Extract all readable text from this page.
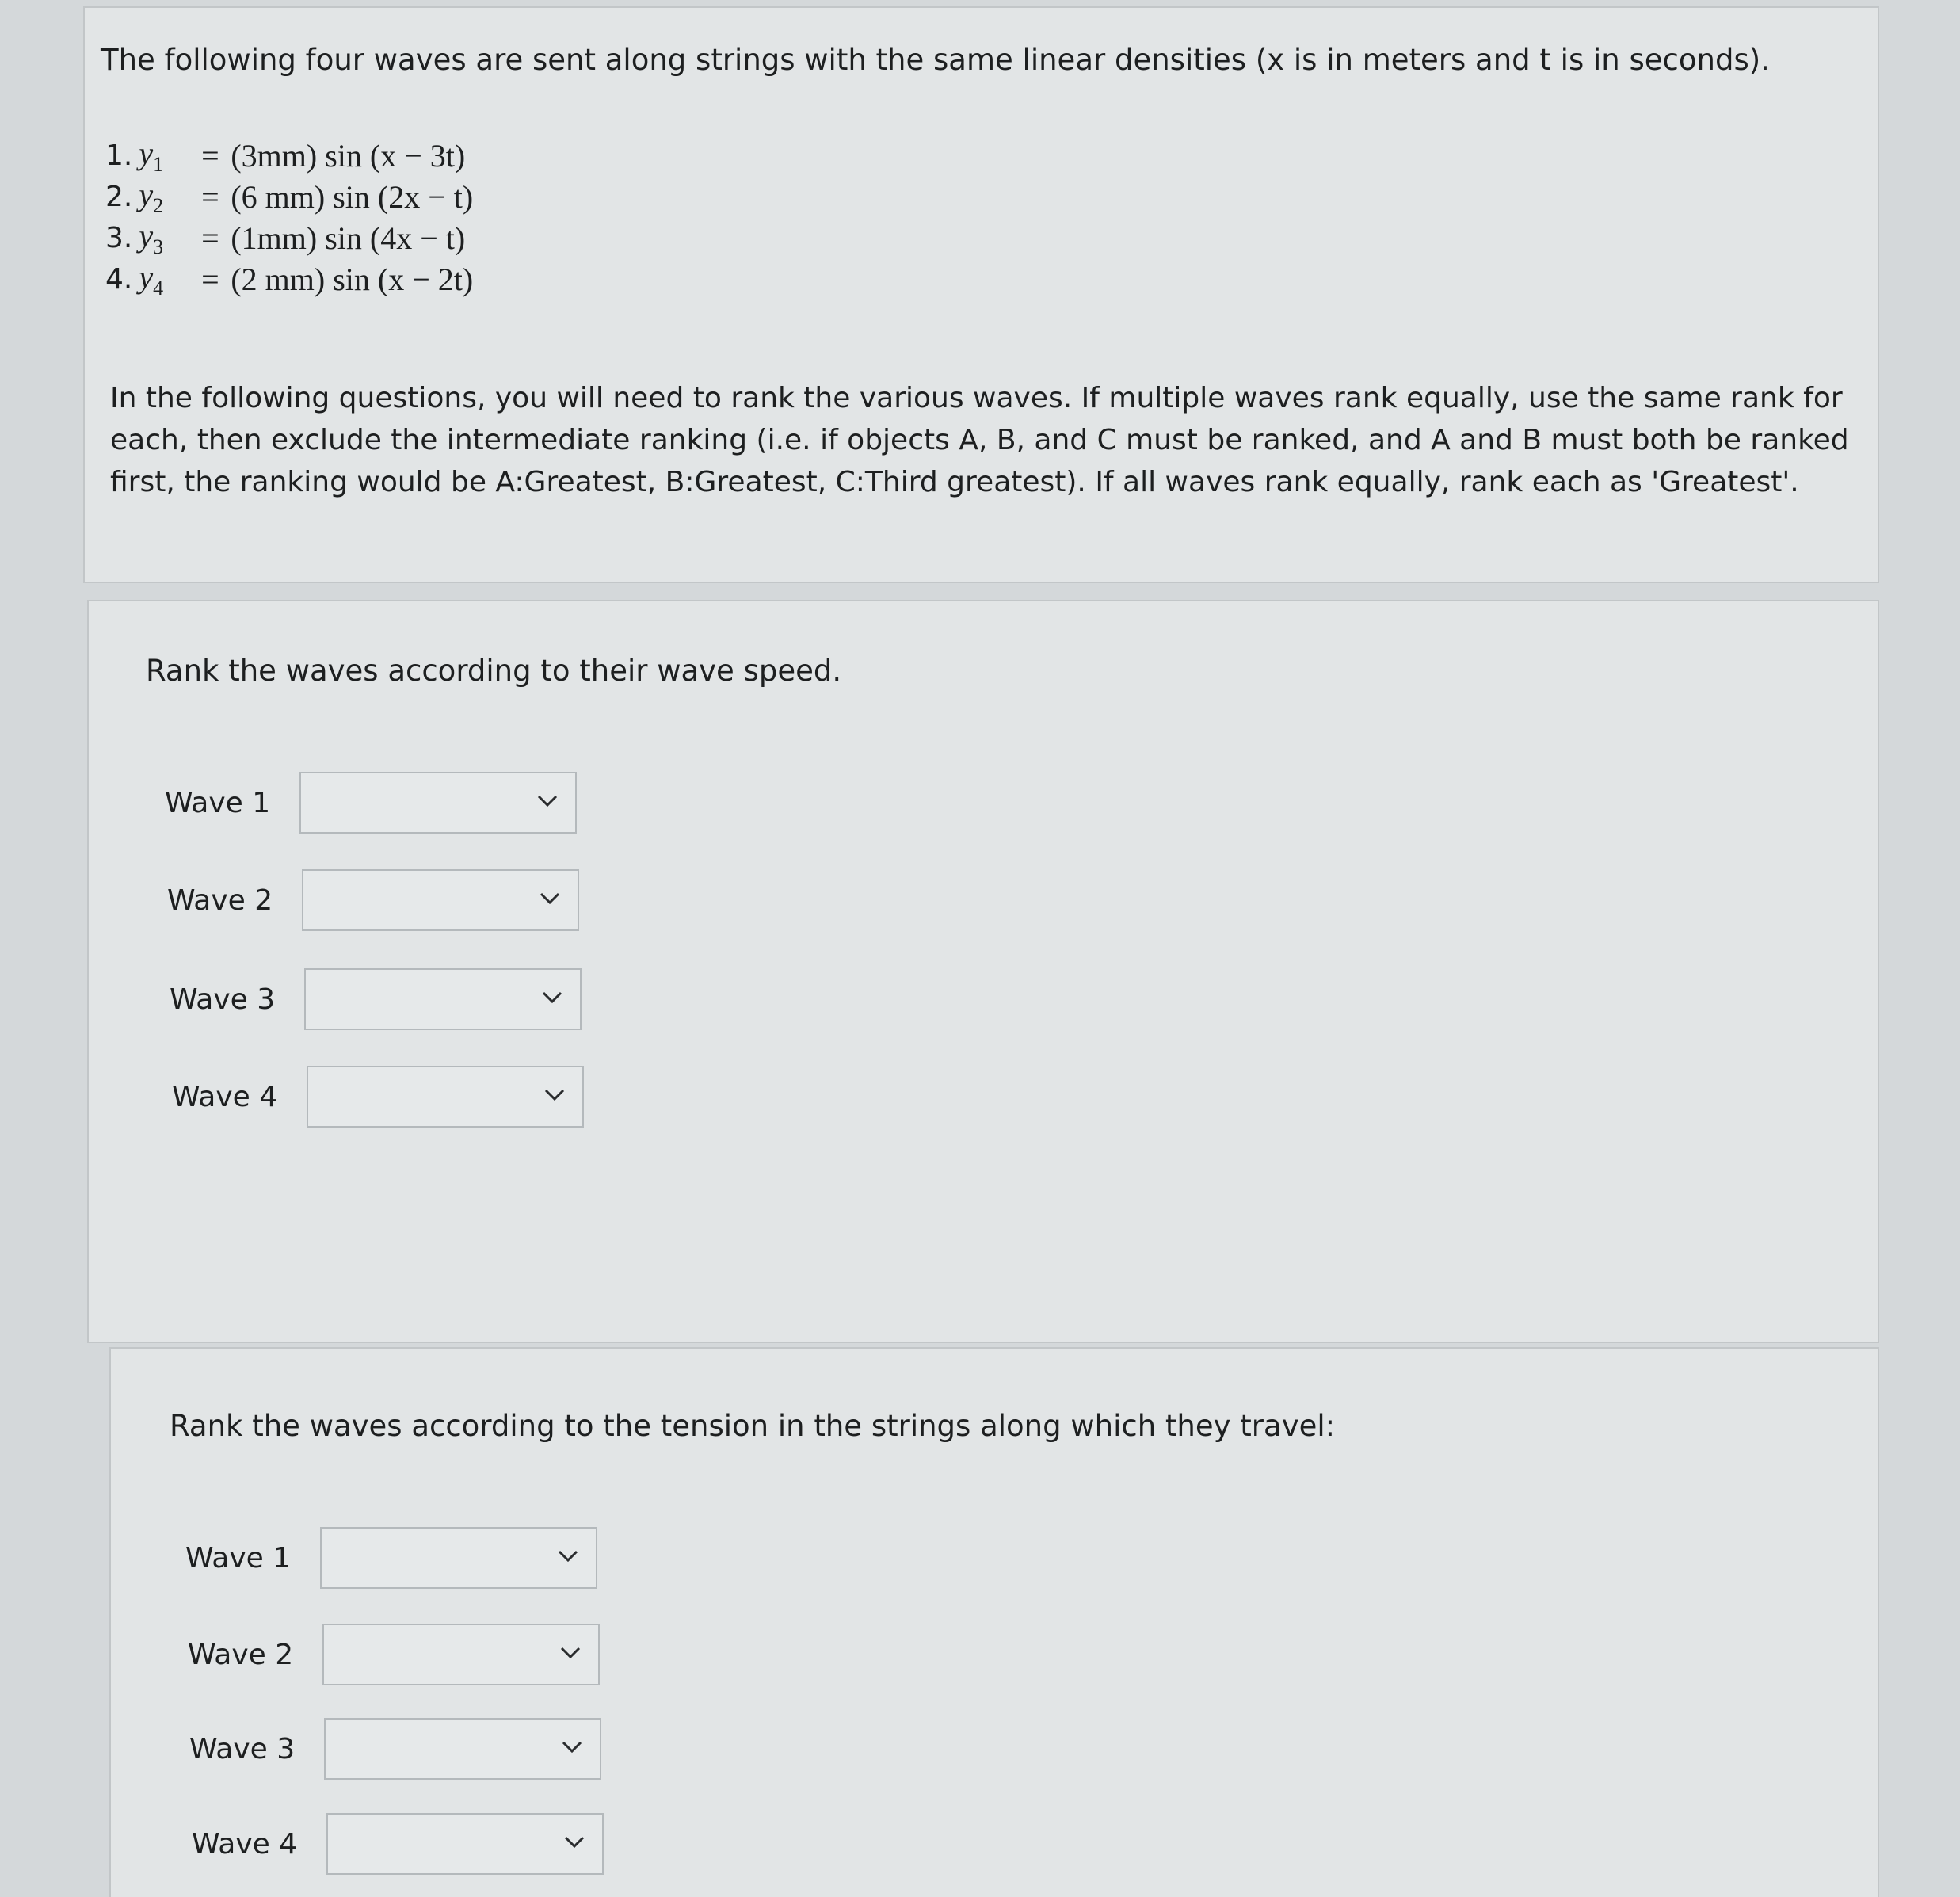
The following four waves are sent along strings with the same linear densities (x is in meters and t is in seconds).
1. $y_1$	= (3mm) sin (x − 3t)
2. $y_2$	= (6 mm) sin (2x − t)
3. $y_3$	= (1mm) sin (4x − t)
4. $y_4$	= (2 mm) sin (x − 2t)
In the following questions, you will need to rank the various waves. If multiple waves rank equally, use the same rank for each, then exclude the intermediate ranking (i.e. if objects A, B, and C must be ranked, and A and B must both be ranked first, the ranking would be A:Greatest, B:Greatest, C:Third greatest). If all waves rank equally, rank each as 'Greatest'.
Rank the waves according to their wave speed.
Wave 1
Wave 2
Wave 3
Wave 4
Rank the waves according to the tension in the strings along which they travel:
Wave 1
Wave 2
Wave 3
Wave 4
